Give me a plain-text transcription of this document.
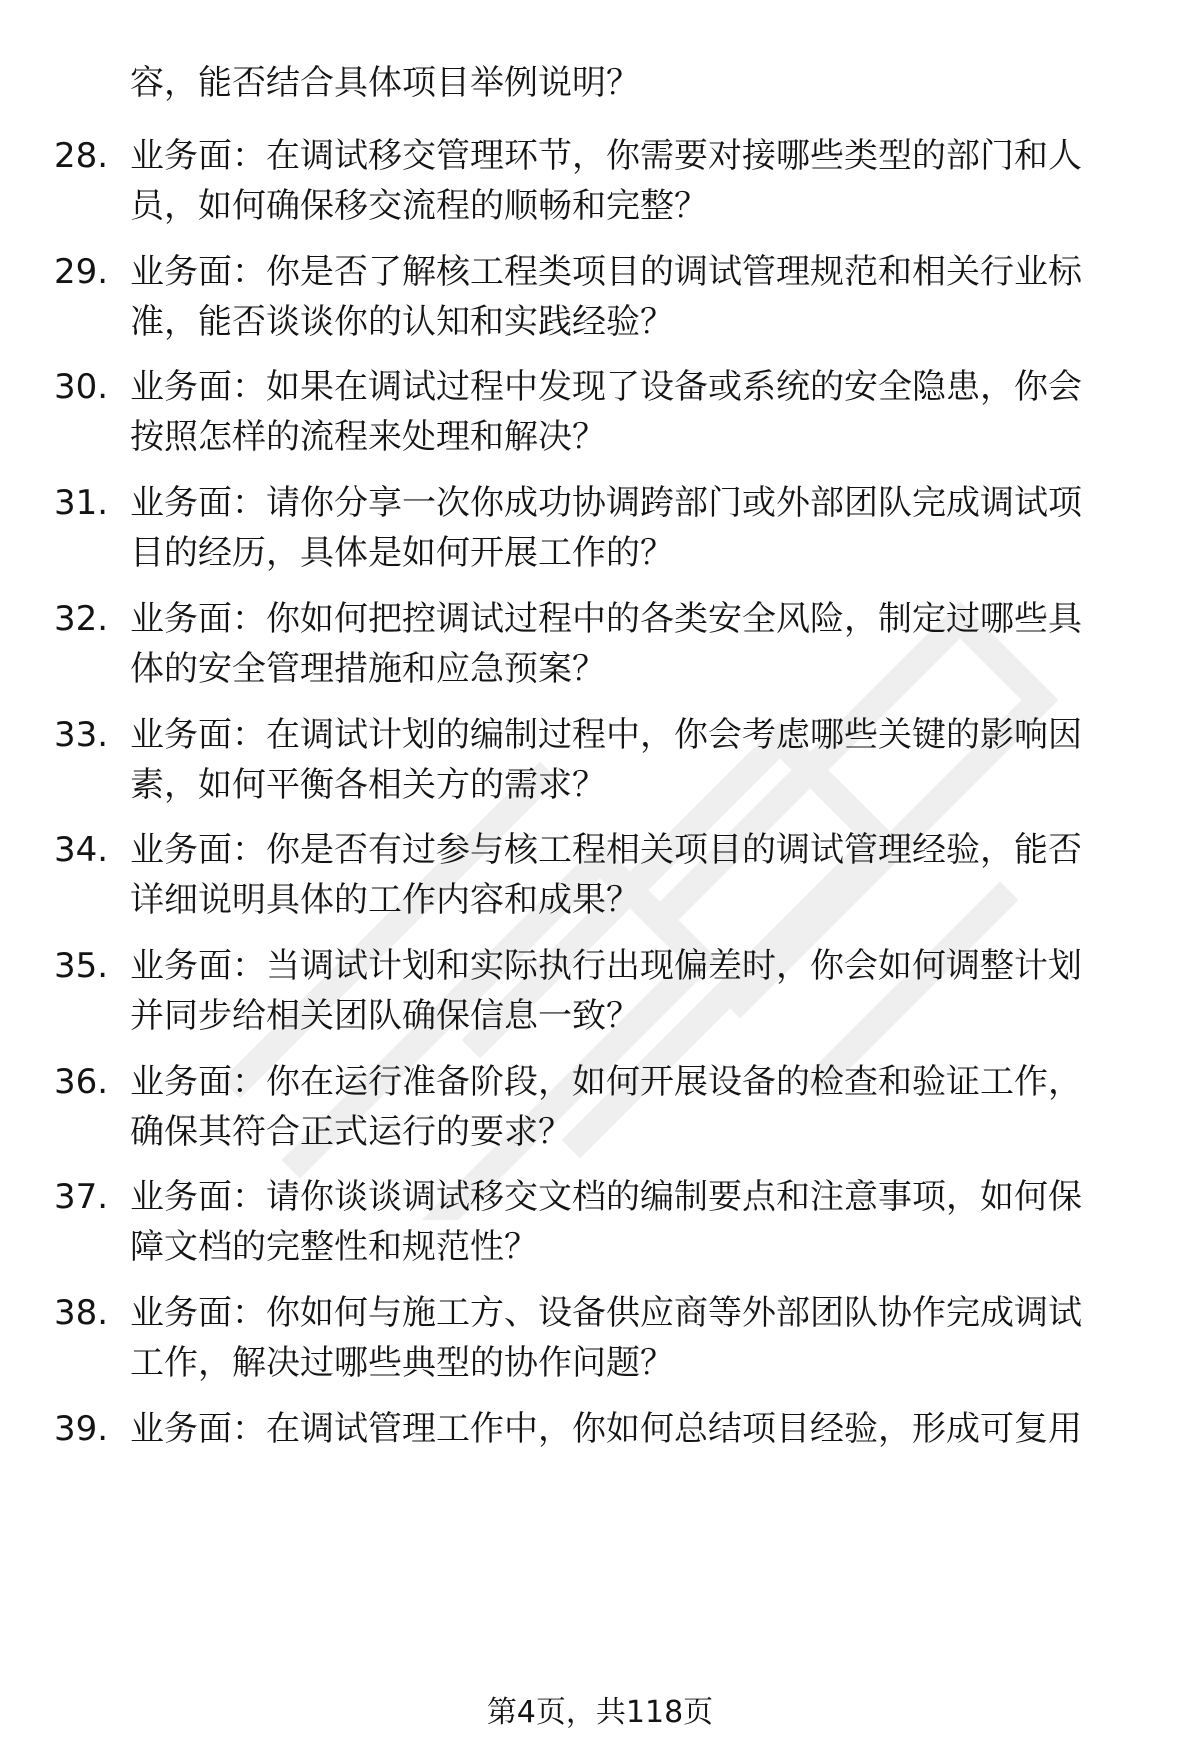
容，能否结合具体项目举例说明？
28. 业务面：在调试移交管理环节，你需要对接哪些类型的部门和人
员，如何确保移交流程的顺畅和完整？
29. 业务面：你是否了解核工程类项目的调试管理规范和相关行业标
准，能否谈谈你的认知和实践经验？
30. 业务面：如果在调试过程中发现了设备或系统的安全隐患，你会
按照怎样的流程来处理和解决？
31. 业务面：请你分享一次你成功协调跨部门或外部团队完成调试项
目的经历，具体是如何开展工作的？
32. 业务面：你如何把控调试过程中的各类安全风险，制定过哪些具
体的安全管理措施和应急预案？
33. 业务面：在调试计划的编制过程中，你会考虑哪些关键的影响因
素，如何平衡各相关方的需求？
34. 业务面：你是否有过参与核工程相关项目的调试管理经验，能否
详细说明具体的工作内容和成果？
35. 业务面：当调试计划和实际执行出现偏差时，你会如何调整计划
并同步给相关团队确保信息一致？
36. 业务面：你在运行准备阶段，如何开展设备的检查和验证工作，
确保其符合正式运行的要求？
37. 业务面：请你谈谈调试移交文档的编制要点和注意事项，如何保
障文档的完整性和规范性？
38. 业务面：你如何与施工方、设备供应商等外部团队协作完成调试
工作，解决过哪些典型的协作问题？
39. 业务面：在调试管理工作中，你如何总结项目经验，形成可复用
第4页，共118页
